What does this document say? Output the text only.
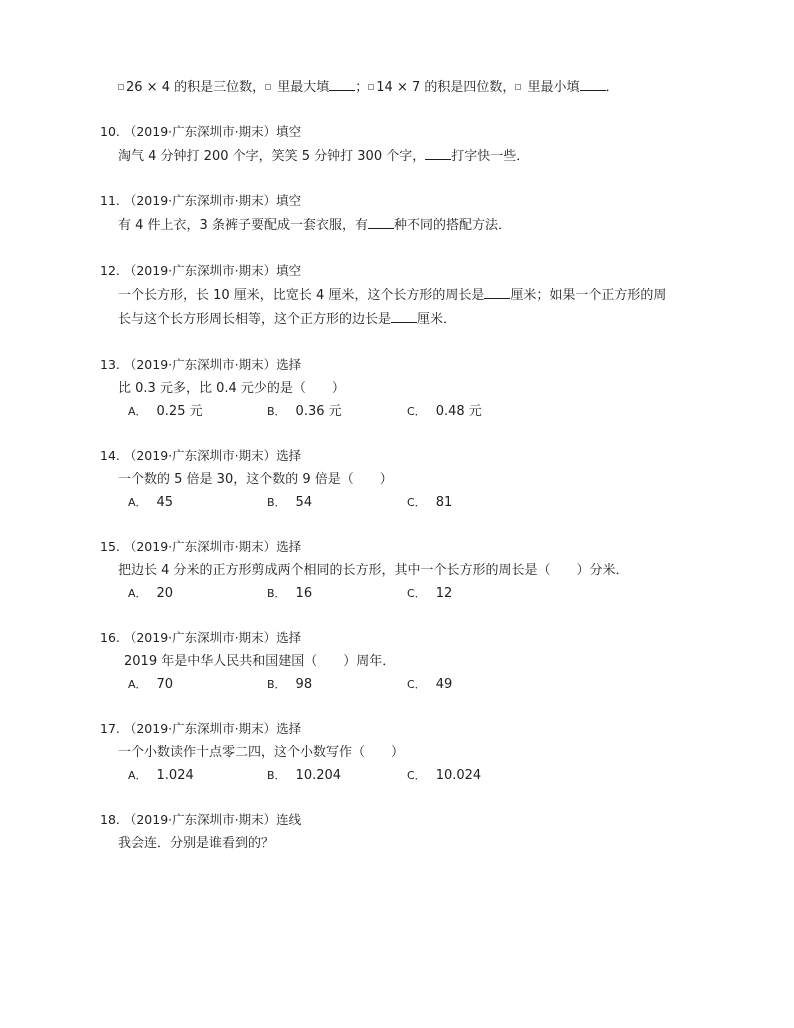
26 × 4 的积是三位数， 里最大填 ； 14 × 7 的积是四位数， 里最小填 ．
10. （2019·广东深圳市·期末）填空
淘气 4 分钟打 200 个字，笑笑 5 分钟打 300 个字， 打字快一些．
11. （2019·广东深圳市·期末）填空
有 4 件上衣，3 条裤子要配成一套衣服，有 种不同的搭配方法．
12. （2019·广东深圳市·期末）填空
一个长方形，长 10 厘米，比宽长 4 厘米，这个长方形的周长是 厘米；如果一个正方形的周
长与这个长方形周长相等，这个正方形的边长是 厘米．
13. （2019·广东深圳市·期末）选择
比 0.3 元多，比 0.4 元少的是（　　）
A． 0.25 元	B． 0.36 元	C． 0.48 元
14. （2019·广东深圳市·期末）选择
一个数的 5 倍是 30，这个数的 9 倍是（　　）
A． 45	B． 54	C． 81
15. （2019·广东深圳市·期末）选择
把边长 4 分米的正方形剪成两个相同的长方形，其中一个长方形的周长是（　　）分米．
A． 20	B． 16	C． 12
16. （2019·广东深圳市·期末）选择
2019 年是中华人民共和国建国（　　）周年．
A． 70	B． 98	C． 49
17. （2019·广东深圳市·期末）选择
一个小数读作十点零二四，这个小数写作（　　）
A． 1.024	B． 10.204	C． 10.024
18. （2019·广东深圳市·期末）连线
我会连．分别是谁看到的？
